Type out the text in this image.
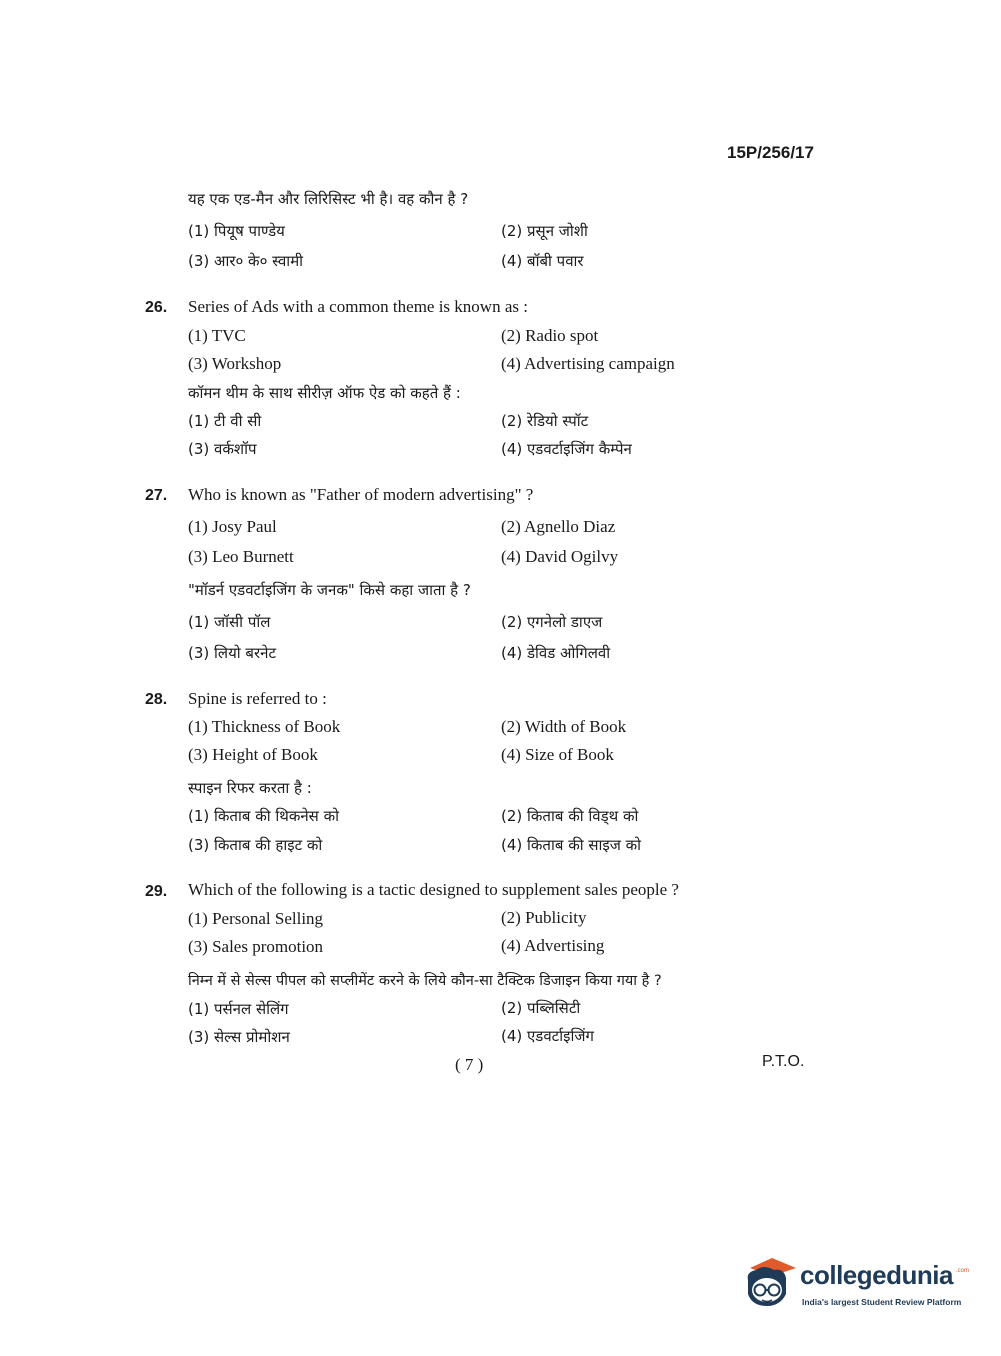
15P/256/17
यह एक एड-मैन और लिरिसिस्ट भी है। वह कौन है ?
(1) पियूष पाण्डेय	(2) प्रसून जोशी
(3) आर० के० स्वामी	(4) बॉबी पवार
26. Series of Ads with a common theme is known as :
(1) TVC	(2) Radio spot
(3) Workshop	(4) Advertising campaign
कॉमन थीम के साथ सीरीज़ ऑफ ऐड को कहते हैं :
(1) टी वी सी	(2) रेडियो स्पॉट
(3) वर्कशॉप	(4) एडवर्टाइजिंग कैम्पेन
27. Who is known as "Father of modern advertising" ?
(1) Josy Paul	(2) Agnello Diaz
(3) Leo Burnett	(4) David Ogilvy
"मॉडर्न एडवर्टाइजिंग के जनक" किसे कहा जाता है ?
(1) जॉसी पॉल	(2) एगनेलो डाएज
(3) लियो बरनेट	(4) डेविड ओगिलवी
28. Spine is referred to :
(1) Thickness of Book	(2) Width of Book
(3) Height of Book	(4) Size of Book
स्पाइन रिफर करता है :
(1) किताब की थिकनेस को	(2) किताब की विड्थ को
(3) किताब की हाइट को	(4) किताब की साइज को
29. Which of the following is a tactic designed to supplement sales people ?
(1) Personal Selling	(2) Publicity
(3) Sales promotion	(4) Advertising
निम्न में से सेल्स पीपल को सप्लीमेंट करने के लिये कौन-सा टैक्टिक डिजाइन किया गया है ?
(1) पर्सनल सेलिंग	(2) पब्लिसिटी
(3) सेल्स प्रोमोशन	(4) एडवर्टाइजिंग
( 7 )	P.T.O.
collegedunia .com
India's largest Student Review Platform
